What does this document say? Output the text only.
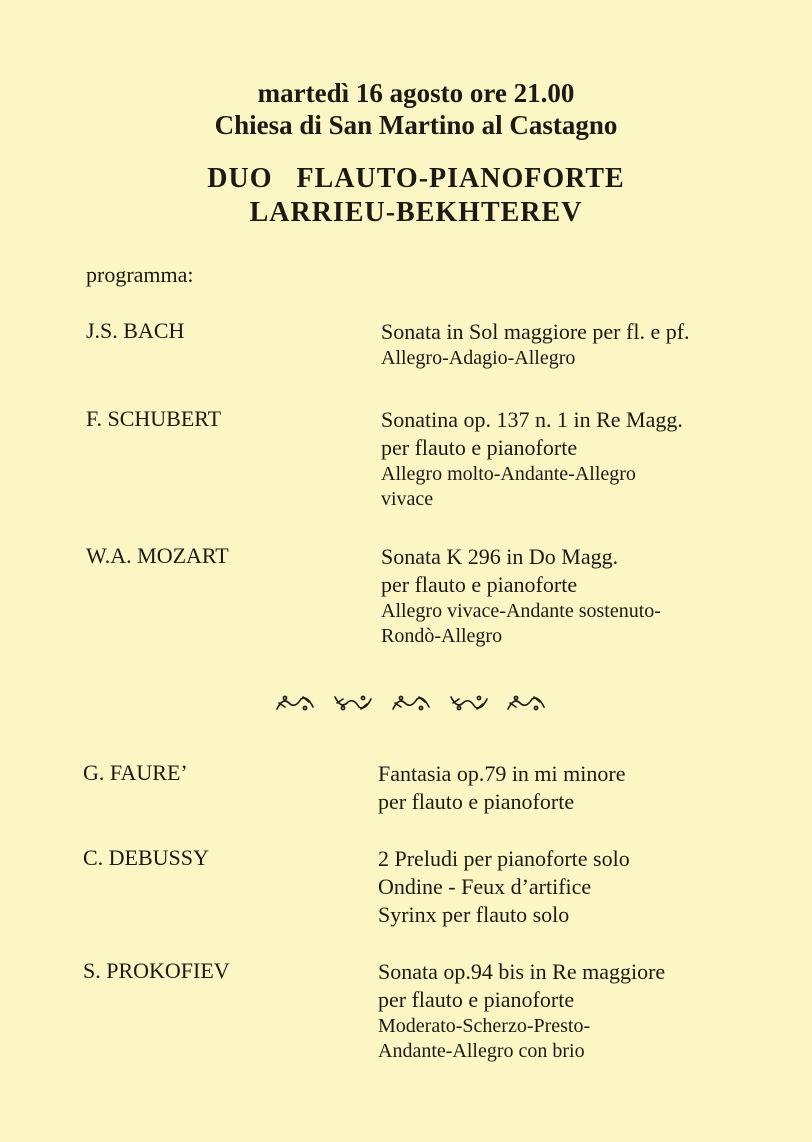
martedì 16 agosto ore 21.00
Chiesa di San Martino al Castagno
DUO   FLAUTO-PIANOFORTE
LARRIEU-BEKHTEREV
programma:
J.S. BACH	Sonata in Sol maggiore per fl. e pf.
Allegro-Adagio-Allegro
F. SCHUBERT	Sonatina op. 137 n. 1 in Re Magg.
per flauto e pianoforte
Allegro molto-Andante-Allegro
vivace
W.A. MOZART	Sonata K 296 in Do Magg.
per flauto e pianoforte
Allegro vivace-Andante sostenuto-
Rondò-Allegro
G. FAURE’	Fantasia op.79 in mi minore
per flauto e pianoforte
C. DEBUSSY	2 Preludi per pianoforte solo
Ondine - Feux d’artifice
Syrinx per flauto solo
S. PROKOFIEV	Sonata op.94 bis in Re maggiore
per flauto e pianoforte
Moderato-Scherzo-Presto-
Andante-Allegro con brio
